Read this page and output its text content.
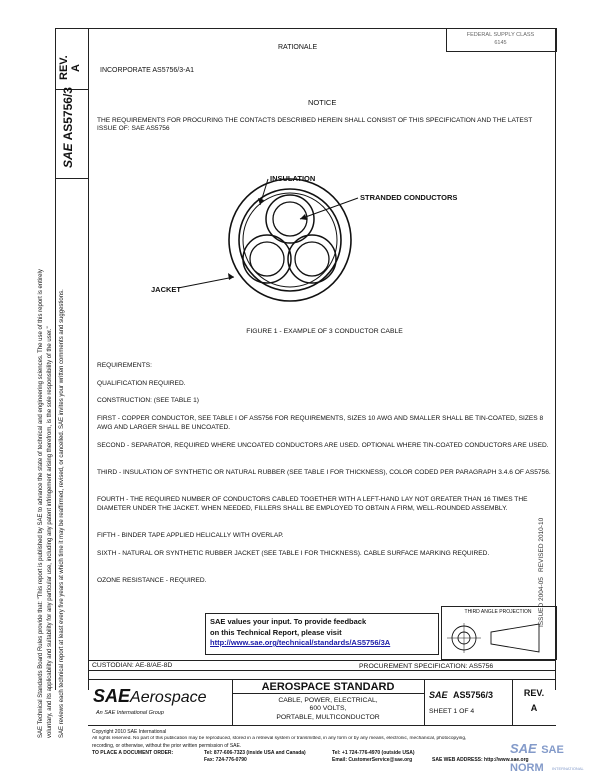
SAE Technical Standards Board Rules provide that: "This report is published by SAE to advance the state of technical and engineering sciences. The use of this report is entirely voluntary, and its applicability and suitability for any particular use, including any patent infringement arising therefrom, is the sole responsibility of the user." SAE reviews each technical report at least every five years at which time it may be reaffirmed, revised, or cancelled. SAE invites your written comments and suggestions.
REV. A
SAE AS5756/3
FEDERAL SUPPLY CLASS
6145
RATIONALE
INCORPORATE AS5756/3-A1
NOTICE
THE REQUIREMENTS FOR PROCURING THE CONTACTS DESCRIBED HEREIN SHALL CONSIST OF THIS SPECIFICATION AND THE LATEST ISSUE OF: SAE AS5756
INSULATION
STRANDED CONDUCTORS
JACKET
FIGURE 1 - EXAMPLE OF 3 CONDUCTOR CABLE
REQUIREMENTS:
QUALIFICATION REQUIRED.
CONSTRUCTION: (SEE TABLE 1)
FIRST - COPPER CONDUCTOR, SEE TABLE I OF AS5756 FOR REQUIREMENTS, SIZES 10 AWG AND SMALLER SHALL BE TIN-COATED, SIZES 8 AWG AND LARGER SHALL BE UNCOATED.
SECOND - SEPARATOR, REQUIRED WHERE UNCOATED CONDUCTORS ARE USED. OPTIONAL WHERE TIN-COATED CONDUCTORS ARE USED.
THIRD - INSULATION OF SYNTHETIC OR NATURAL RUBBER (SEE TABLE I FOR THICKNESS), COLOR CODED PER PARAGRAPH 3.4.6 OF AS5756.
FOURTH - THE REQUIRED NUMBER OF CONDUCTORS CABLED TOGETHER WITH A LEFT-HAND LAY NOT GREATER THAN 16 TIMES THE DIAMETER UNDER THE JACKET. WHEN NEEDED, FILLERS SHALL BE EMPLOYED TO OBTAIN A FIRM, WELL-ROUNDED ASSEMBLY.
FIFTH - BINDER TAPE APPLIED HELICALLY WITH OVERLAP.
SIXTH - NATURAL OR SYNTHETIC RUBBER JACKET (SEE TABLE I FOR THICKNESS). CABLE SURFACE MARKING REQUIRED.
OZONE RESISTANCE - REQUIRED.	ISSUED 2004-05
REVISED 2010-10
SAE values your input. To provide feedback
on this Technical Report, please visit
http://www.sae.org/technical/standards/AS5756/3A
THIRD ANGLE PROJECTION
CUSTODIAN: AE-8/AE-8D	PROCUREMENT SPECIFICATION: AS5756
SAEAerospace
An SAE International Group
AEROSPACE STANDARD
CABLE, POWER, ELECTRICAL,
600 VOLTS,
PORTABLE, MULTICONDUCTOR
SAE AS5756/3
SHEET 1 OF 4
REV.
A
Copyright 2010 SAE International
All rights reserved. No part of this publication may be reproduced, stored in a retrieval system or transmitted, in any form or by any means, electronic, mechanical, photocopying,
recording, or otherwise, without the prior written permission of SAE.
TO PLACE A DOCUMENT ORDER:	Tel: 877-606-7323 (inside USA and Canada)
Fax: 724-776-0790
Tel: +1 724-776-4970 (outside USA)
Email: CustomerService@sae.org	SAE WEB ADDRESS: http://www.sae.org
SAE SAE NORM	INTERNATIONAL
